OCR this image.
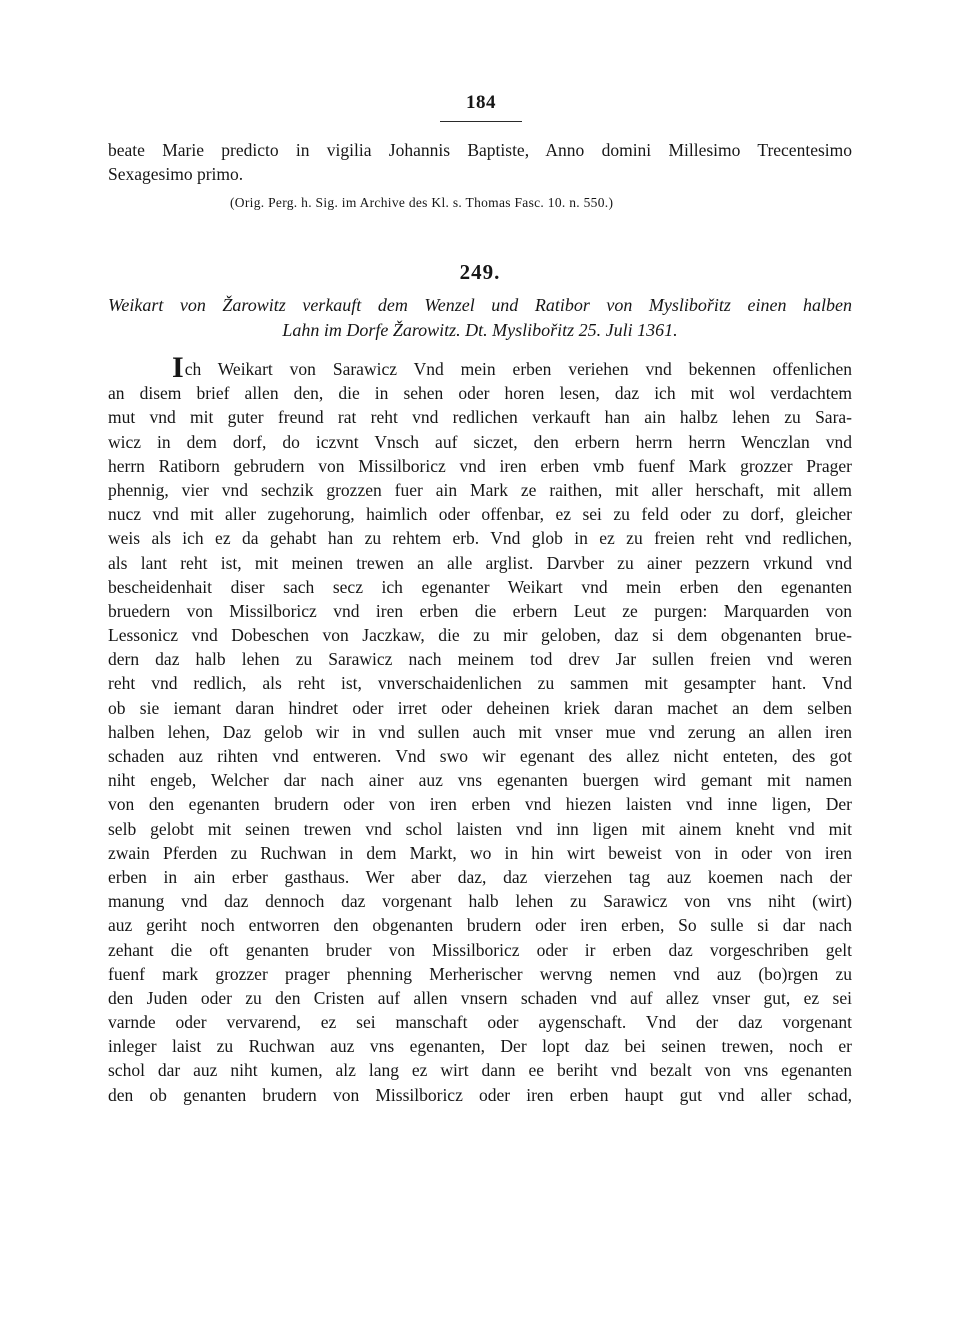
184
beate Marie predicto in vigilia Johannis Baptiste, Anno domini Millesimo Trecentesimo
Sexagesimo primo.
(Orig. Perg. h. Sig. im Archive des Kl. s. Thomas Fasc. 10. n. 550.)
249.
Weikart von Žarowitz verkauft dem Wenzel und Ratibor von Myslibořitz einen halben
Lahn im Dorfe Žarowitz. Dt. Myslibořitz 25. Juli 1361.
Ich Weikart von Sarawicz Vnd mein erben veriehen vnd bekennen offenlichen
an disem brief allen den, die in sehen oder horen lesen, daz ich mit wol verdachtem
mut vnd mit guter freund rat reht vnd redlichen verkauft han ain halbz lehen zu Sara-
wicz in dem dorf, do iczvnt Vnsch auf siczet, den erbern herrn herrn Wenczlan vnd
herrn Ratiborn gebrudern von Missilboricz vnd iren erben vmb fuenf Mark grozzer Prager
phennig, vier vnd sechzik grozzen fuer ain Mark ze raithen, mit aller herschaft, mit allem
nucz vnd mit aller zugehorung, haimlich oder offenbar, ez sei zu feld oder zu dorf, gleicher
weis als ich ez da gehabt han zu rehtem erb. Vnd glob in ez zu freien reht vnd redlichen,
als lant reht ist, mit meinen trewen an alle arglist. Darvber zu ainer pezzern vrkund vnd
bescheidenhait diser sach secz ich egenanter Weikart vnd mein erben den egenanten
bruedern von Missilboricz vnd iren erben die erbern Leut ze purgen: Marquarden von
Lessonicz vnd Dobeschen von Jaczkaw, die zu mir geloben, daz si dem obgenanten brue-
dern daz halb lehen zu Sarawicz nach meinem tod drev Jar sullen freien vnd weren
reht vnd redlich, als reht ist, vnverschaidenlichen zu sammen mit gesampter hant. Vnd
ob sie iemant daran hindret oder irret oder deheinen kriek daran machet an dem selben
halben lehen, Daz gelob wir in vnd sullen auch mit vnser mue vnd zerung an allen iren
schaden auz rihten vnd entweren. Vnd swo wir egenant des allez nicht enteten, des got
niht engeb, Welcher dar nach ainer auz vns egenanten buergen wird gemant mit namen
von den egenanten brudern oder von iren erben vnd hiezen laisten vnd inne ligen, Der
selb gelobt mit seinen trewen vnd schol laisten vnd inn ligen mit ainem kneht vnd mit
zwain Pferden zu Ruchwan in dem Markt, wo in hin wirt beweist von in oder von iren
erben in ain erber gasthaus. Wer aber daz, daz vierzehen tag auz koemen nach der
manung vnd daz dennoch daz vorgenant halb lehen zu Sarawicz von vns niht (wirt)
auz geriht noch entworren den obgenanten brudern oder iren erben, So sulle si dar nach
zehant die oft genanten bruder von Missilboricz oder ir erben daz vorgeschriben gelt
fuenf mark grozzer prager phenning Merherischer wervng nemen vnd auz (bo)rgen zu
den Juden oder zu den Cristen auf allen vnsern schaden vnd auf allez vnser gut, ez sei
varnde oder vervarend, ez sei manschaft oder aygenschaft. Vnd der daz vorgenant
inleger laist zu Ruchwan auz vns egenanten, Der lopt daz bei seinen trewen, noch er
schol dar auz niht kumen, alz lang ez wirt dann ee beriht vnd bezalt von vns egenanten
den ob genanten brudern von Missilboricz oder iren erben haupt gut vnd aller schad,
